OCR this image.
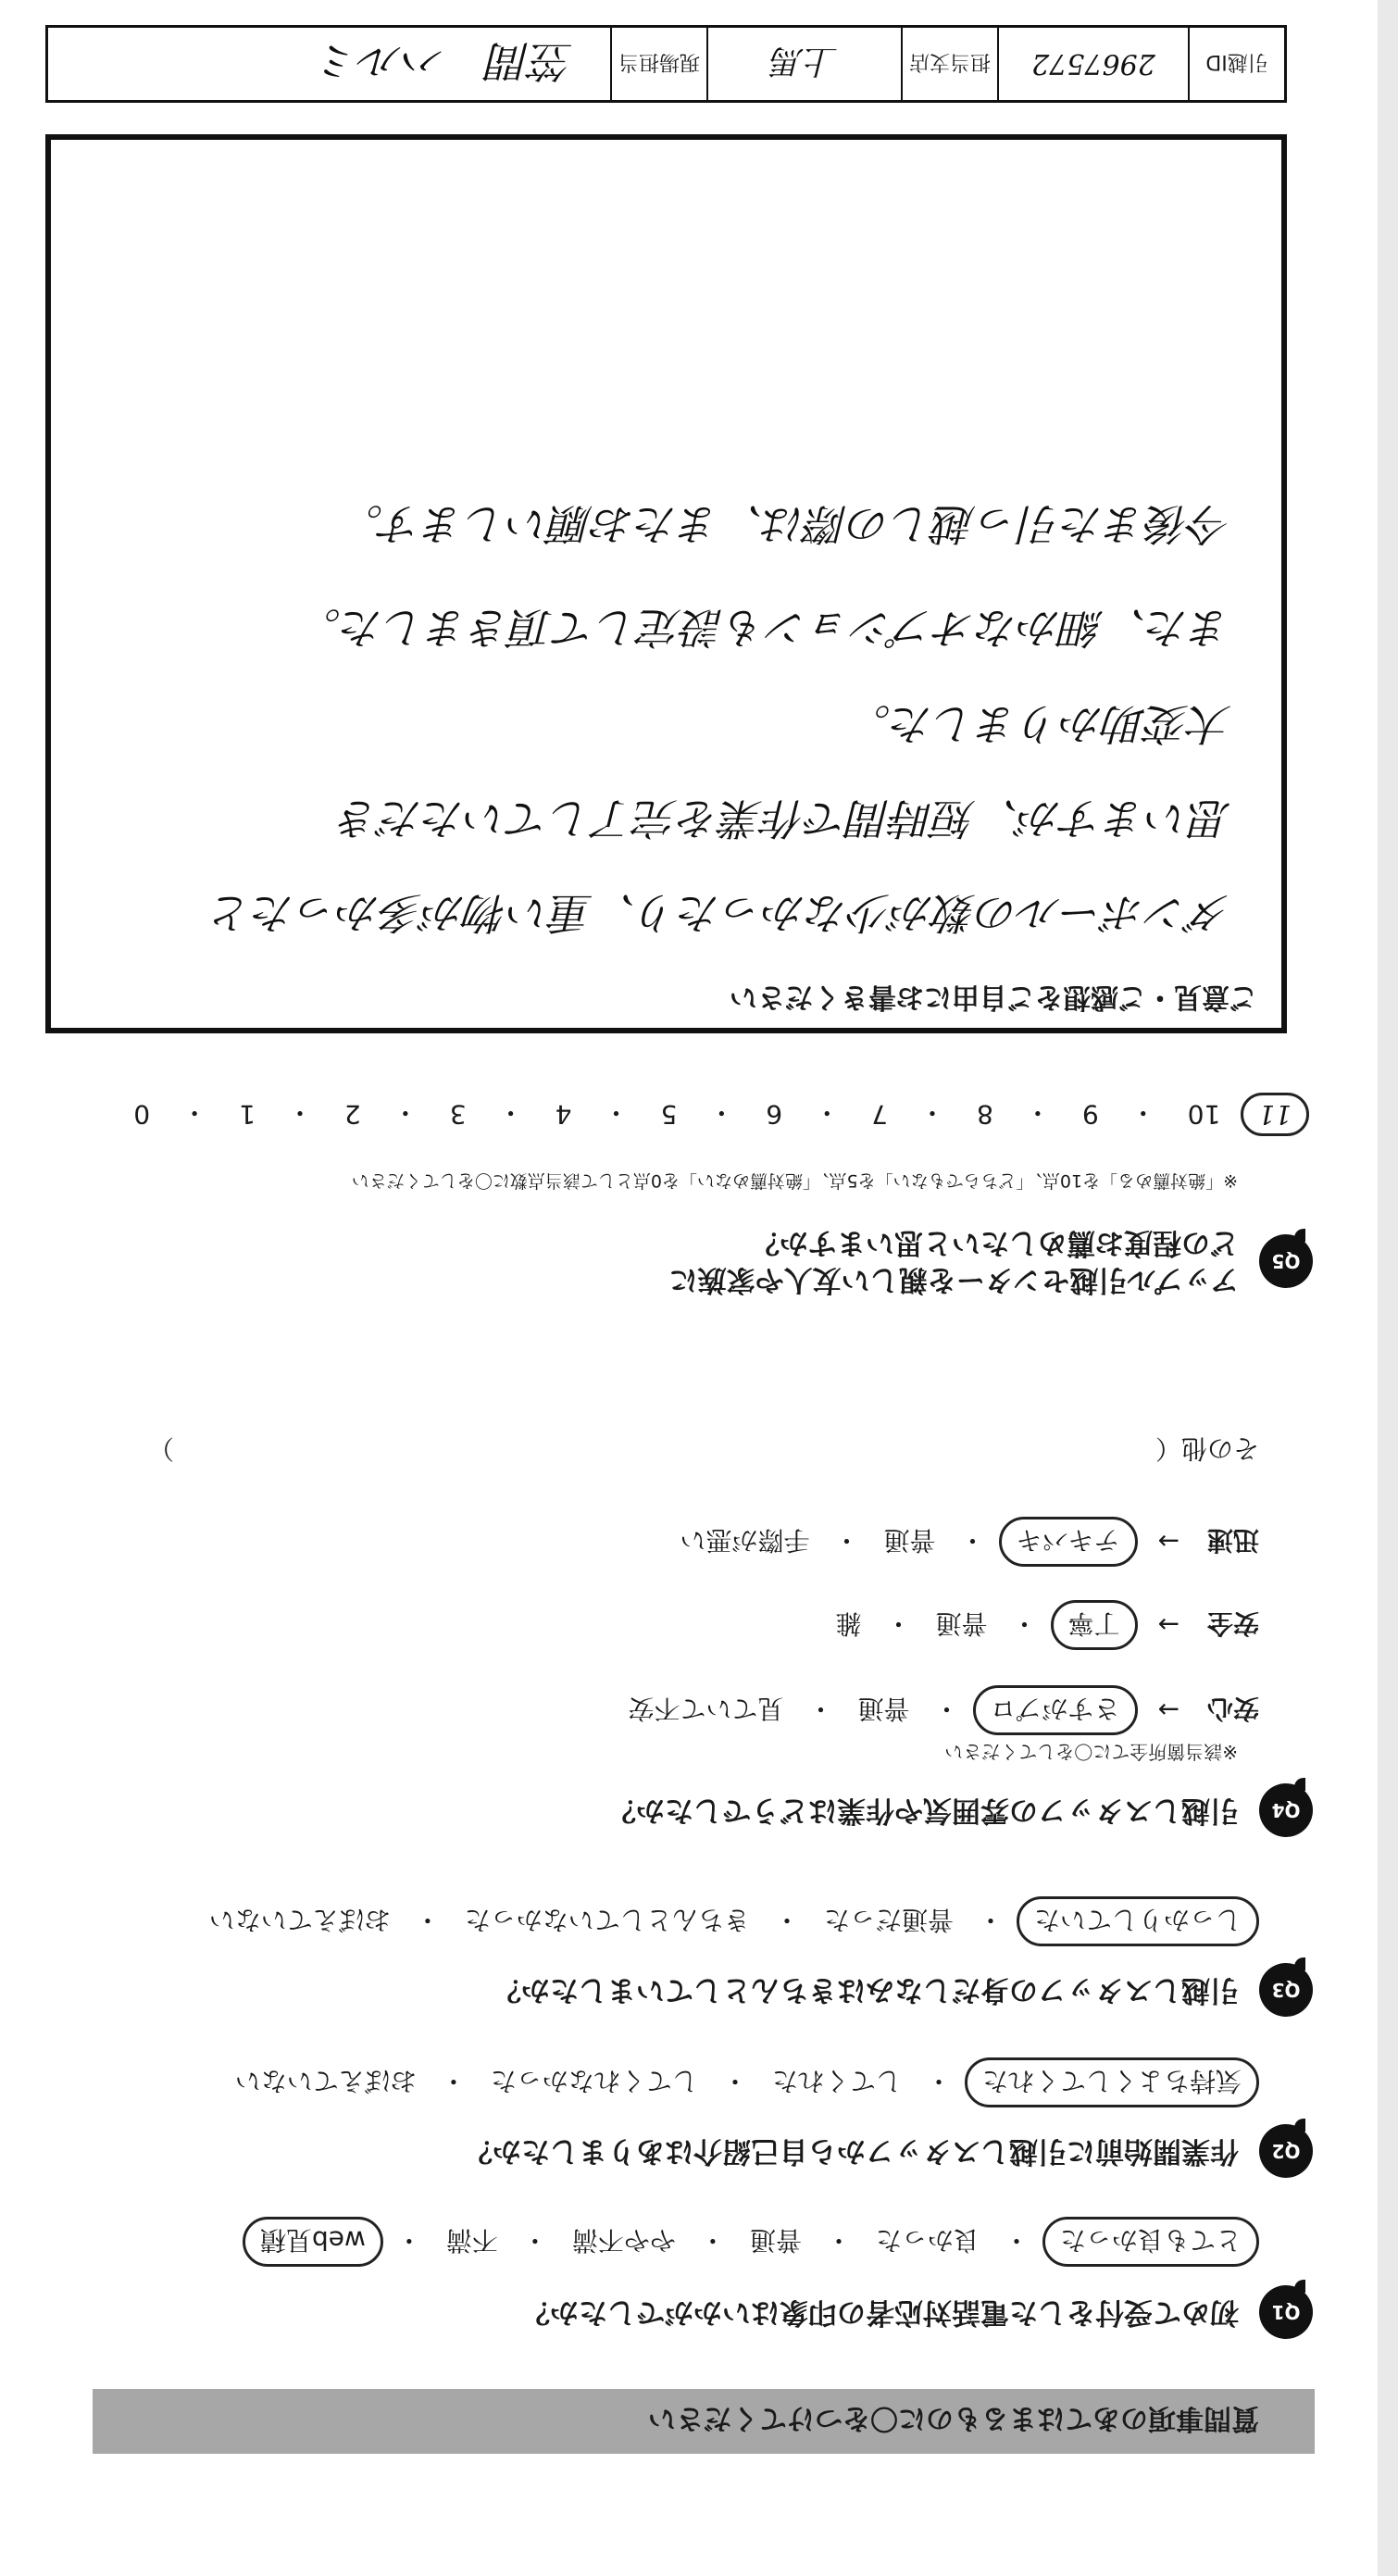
質問事項のあてはまるものに〇をつけてください
Q1
初めて受付をした電話対応者の印象はいかがでしたか？
とても良かった
・
良かった
・
普通
・
やや不満
・
不満
・
web見積
Q2
作業開始前に引越しスタッフから自己紹介はありましたか？
気持ちよくしてくれた
・
してくれた
・
してくれなかった
・
おぼえていない
Q3
引越しスタッフの身だしなみはきちんとしていましたか？
しっかりしていた
・
普通だった
・
きちんとしていなかった
・
おぼえていない
Q4
引越しスタッフの雰囲気や作業はどうでしたか？
※該当箇所全てに〇をしてください
安心
→
さすがプロ
・
普通
・
見ていて不安
安全
→
丁寧
・
普通
・
雑
迅速
→
テキパキ
・
普通
・
手際が悪い
その他（
）
Q5
アップル引越センターを親しい友人や家族に
どの程度お薦めしたいと思いますか？
※「絶対薦める」を10点、「どちらでもない」を5点、「絶対薦めない」を0点として該当点数に〇をしてください
11
10
・
9
・
8
・
7
・
6
・
5
・
4
・
3
・
2
・
1
・
0
ご意見・ご感想をご自由にお書きください
ダンボールの数が少なかったり、重い物が多かったと
思いますが、短時間で作業を完了していただき
大変助かりました。
また、細かなオプションも設定して頂きました。
今後また引っ越しの際は、またお願いします。
引越ID
2967572
担当支店
上馬
現場担当
笠間　ハルミ
